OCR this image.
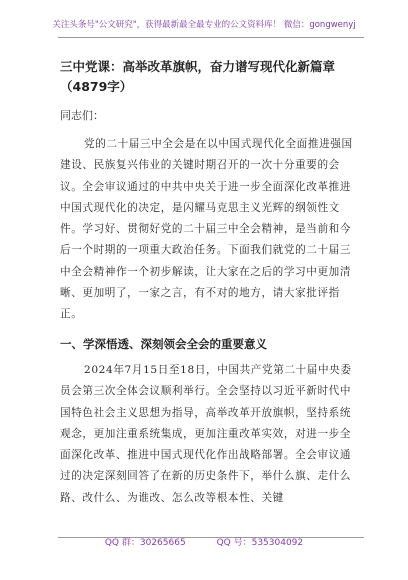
关注头条号"公文研究"，获得最新最全最专业的公文资料库！ 微信：gongwenyj
三中党课：高举改革旗帜，奋力谱写现代化新篇章（4879字）
同志们：
党的二十届三中全会是在以中国式现代化全面推进强国建设、民族复兴伟业的关键时期召开的一次十分重要的会议。全会审议通过的中共中央关于进一步全面深化改革推进中国式现代化的决定，是闪耀马克思主义光辉的纲领性文件。学习好、贯彻好党的二十届三中全会精神，是当前和今后一个时期的一项重大政治任务。下面我们就党的二十届三中全会精神作一个初步解读，让大家在之后的学习中更加清晰、更加明了，一家之言，有不对的地方，请大家批评指正。
一、学深悟透、深刻领会全会的重要意义
2024年7月15日至18日，中国共产党第二十届中央委员会第三次全体会议顺利举行。全会坚持以习近平新时代中国特色社会主义思想为指导，高举改革开放旗帜，坚持系统观念，更加注重系统集成，更加注重改革实效，对进一步全面深化改革、推进中国式现代化作出战略部署。全会审议通过的决定深刻回答了在新的历史条件下，举什么旗、走什么路、改什么、为谁改、怎么改等根本性、关键
QQ 群：30265665	QQ 号：535304092
